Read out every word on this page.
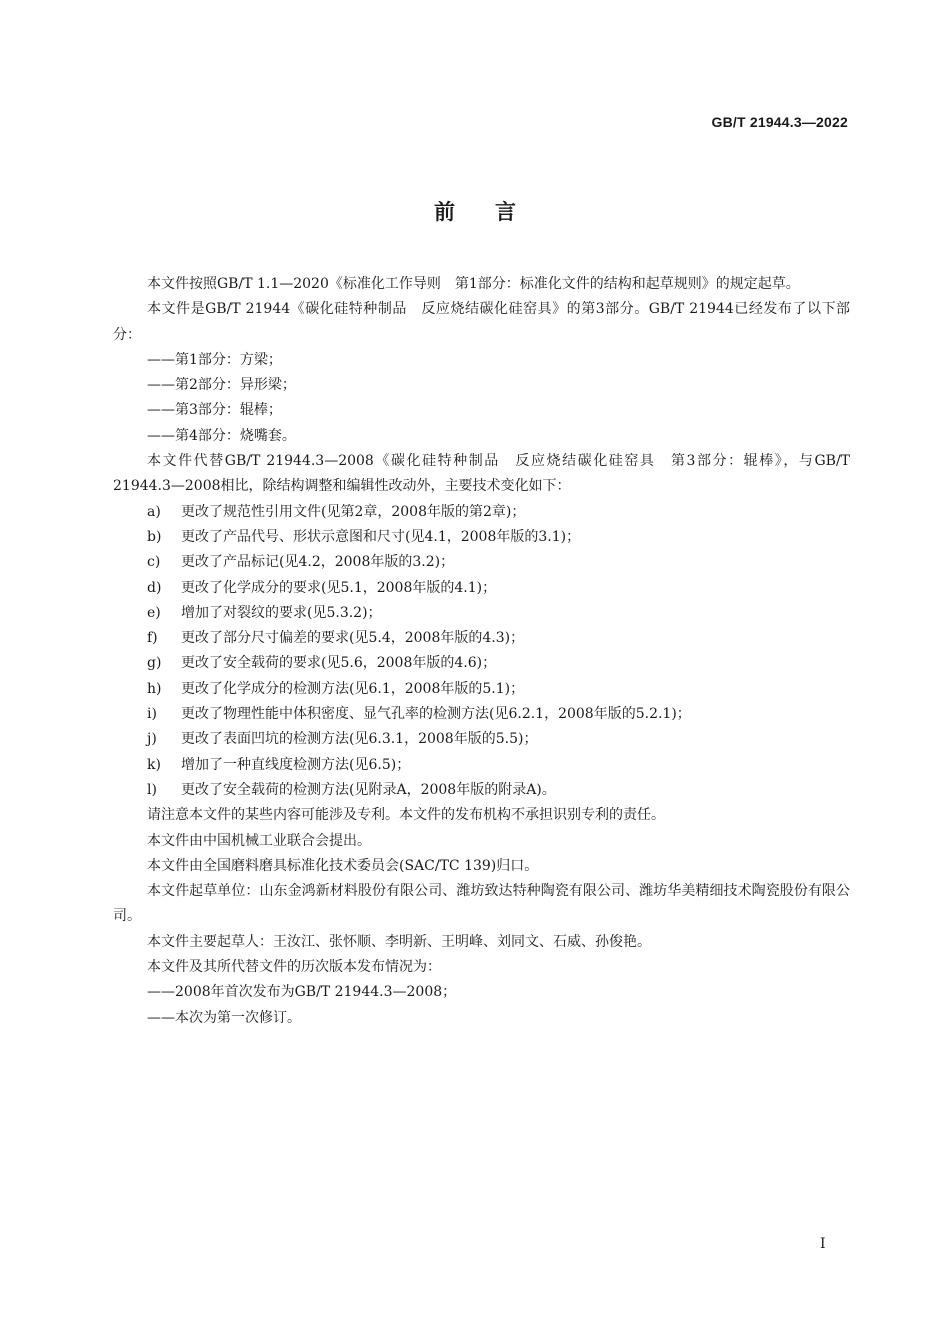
GB/T 21944.3—2022
前言

本文件按照GB/T 1.1—2020《标准化工作导则　第1部分：标准化文件的结构和起草规则》的规定起草。

本文件是GB/T 21944《碳化硅特种制品　反应烧结碳化硅窑具》的第3部分。GB/T 21944已经发布了以下部分：

——第1部分：方梁；

——第2部分：异形梁；

——第3部分：辊棒；

——第4部分：烧嘴套。

本文件代替GB/T 21944.3—2008《碳化硅特种制品　反应烧结碳化硅窑具　第3部分：辊棒》，与GB/T 21944.3—2008相比，除结构调整和编辑性改动外，主要技术变化如下：

a)	更改了规范性引用文件(见第2章，2008年版的第2章)；
b)	更改了产品代号、形状示意图和尺寸(见4.1，2008年版的3.1)；
c)	更改了产品标记(见4.2，2008年版的3.2)；
d)	更改了化学成分的要求(见5.1，2008年版的4.1)；
e)	增加了对裂纹的要求(见5.3.2)；
f)	更改了部分尺寸偏差的要求(见5.4，2008年版的4.3)；
g)	更改了安全载荷的要求(见5.6，2008年版的4.6)；
h)	更改了化学成分的检测方法(见6.1，2008年版的5.1)；
i)	更改了物理性能中体积密度、显气孔率的检测方法(见6.2.1，2008年版的5.2.1)；
j)	更改了表面凹坑的检测方法(见6.3.1，2008年版的5.5)；
k)	增加了一种直线度检测方法(见6.5)；
l)	更改了安全载荷的检测方法(见附录A，2008年版的附录A)。

请注意本文件的某些内容可能涉及专利。本文件的发布机构不承担识别专利的责任。

本文件由中国机械工业联合会提出。

本文件由全国磨料磨具标准化技术委员会(SAC/TC 139)归口。

本文件起草单位：山东金鸿新材料股份有限公司、潍坊致达特种陶瓷有限公司、潍坊华美精细技术陶瓷股份有限公司。

本文件主要起草人：王汝江、张怀顺、李明新、王明峰、刘同文、石威、孙俊艳。

本文件及其所代替文件的历次版本发布情况为：

——2008年首次发布为GB/T 21944.3—2008；

——本次为第一次修订。

I
